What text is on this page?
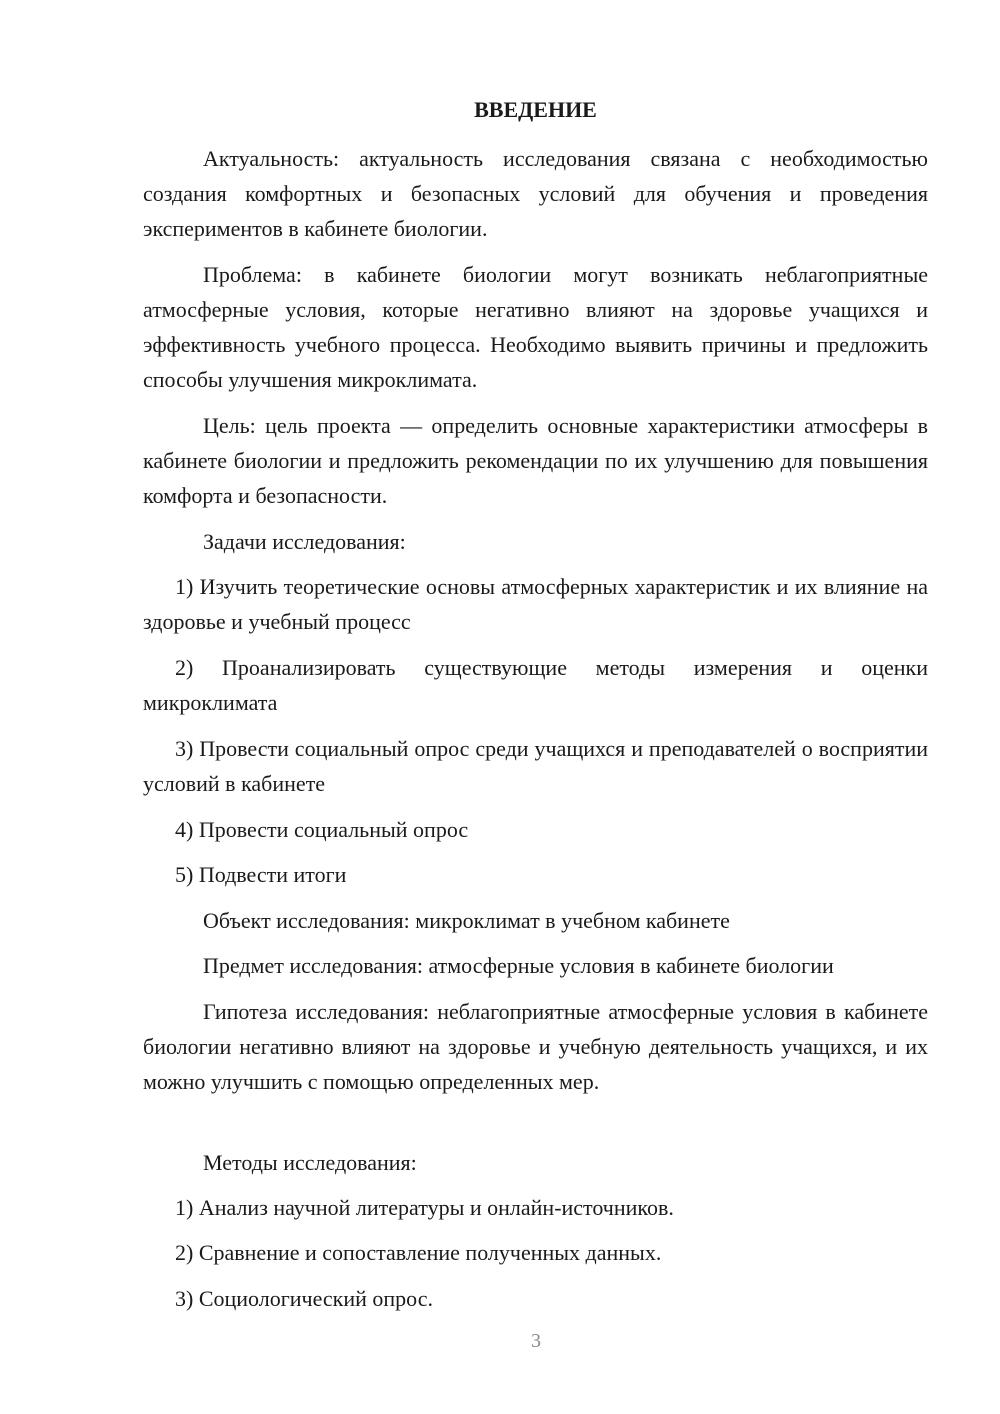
ВВЕДЕНИЕ
Актуальность: актуальность исследования связана с необходимостью создания комфортных и безопасных условий для обучения и проведения экспериментов в кабинете биологии.
Проблема: в кабинете биологии могут возникать неблагоприятные атмосферные условия, которые негативно влияют на здоровье учащихся и эффективность учебного процесса. Необходимо выявить причины и предложить способы улучшения микроклимата.
Цель: цель проекта — определить основные характеристики атмосферы в кабинете биологии и предложить рекомендации по их улучшению для повышения комфорта и безопасности.
Задачи исследования:
1) Изучить теоретические основы атмосферных характеристик и их влияние на здоровье и учебный процесс
2) Проанализировать существующие методы измерения и оценки микроклимата
3) Провести социальный опрос среди учащихся и преподавателей о восприятии условий в кабинете
4) Провести социальный опрос
5) Подвести итоги
Объект исследования: микроклимат в учебном кабинете
Предмет исследования: атмосферные условия в кабинете биологии
Гипотеза исследования: неблагоприятные атмосферные условия в кабинете биологии негативно влияют на здоровье и учебную деятельность учащихся, и их можно улучшить с помощью определенных мер.
Методы исследования:
1) Анализ научной литературы и онлайн-источников.
2) Сравнение и сопоставление полученных данных.
3) Социологический опрос.
3
